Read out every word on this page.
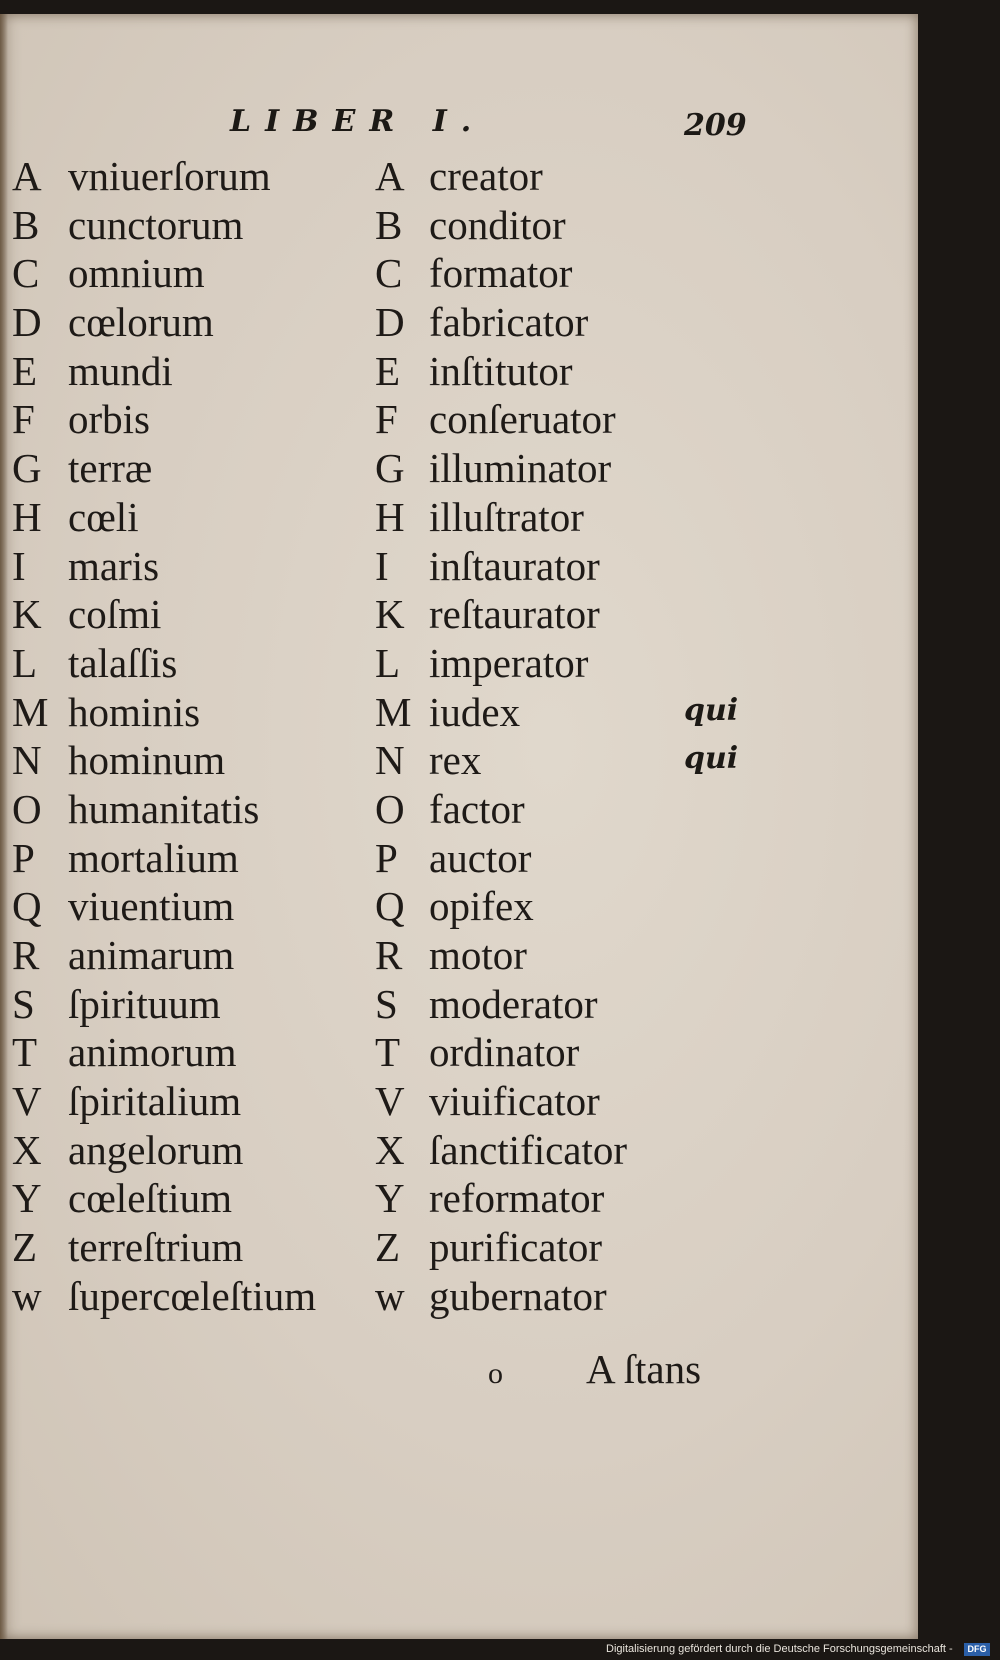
LIBER I.	209
A vniuerſorum
B cunctorum
C omnium
D cœlorum
E mundi
F orbis
G terræ
H cœli
I maris
K coſmi
L talaſſis
M hominis
N hominum
O humanitatis
P mortalium
Q viuentium
R animarum
S ſpirituum
T animorum
V ſpiritalium
X angelorum
Y cœleſtium
Z terreſtrium
w ſupercœleſtium
A creator
B conditor
C formator
D fabricator
E inſtitutor
F conſeruator
G illuminator
H illuſtrator
I inſtaurator
K reſtaurator
L imperator
M iudex
N rex
O factor
P auctor
Q opifex
R motor
S moderator
T ordinator
V viuificator
X ſanctificator
Y reformator
Z purificator
w gubernator
qui
qui
o A ſtans
Digitalisierung gefördert durch die Deutsche Forschungsgemeinschaft -	DFG
